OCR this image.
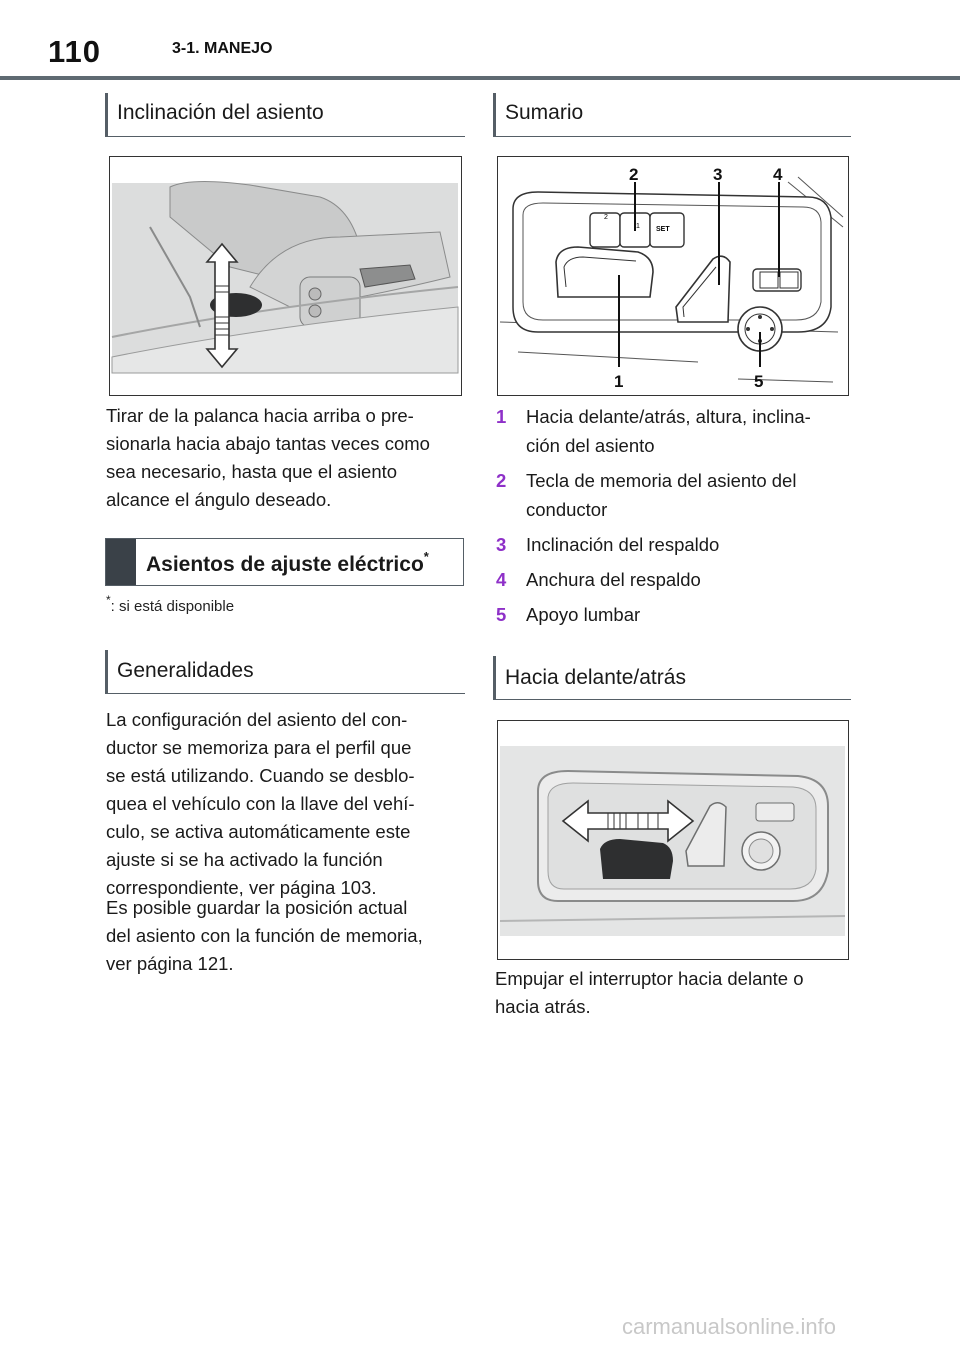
110	3-1. MANEJO
Inclinación del asiento
Tirar de la palanca hacia arriba o pre-
sionarla hacia abajo tantas veces como
sea necesario, hasta que el asiento
alcance el ángulo deseado.
Asientos de ajuste eléctrico*
*: si está disponible
Generalidades
La configuración del asiento del con-
ductor se memoriza para el perfil que
se está utilizando. Cuando se desblo-
quea el vehículo con la llave del vehí-
culo, se activa automáticamente este
ajuste si se ha activado la función
correspondiente, ver página 103.
Es posible guardar la posición actual
del asiento con la función de memoria,
ver página 121.
Sumario
2
1 SET
2	3	4
1	5
1 Hacia delante/atrás, altura, inclina-
ción del asiento
2 Tecla de memoria del asiento del
conductor
3 Inclinación del respaldo
4 Anchura del respaldo
5 Apoyo lumbar
Hacia delante/atrás
Empujar el interruptor hacia delante o
hacia atrás.
carmanualsonline.info
